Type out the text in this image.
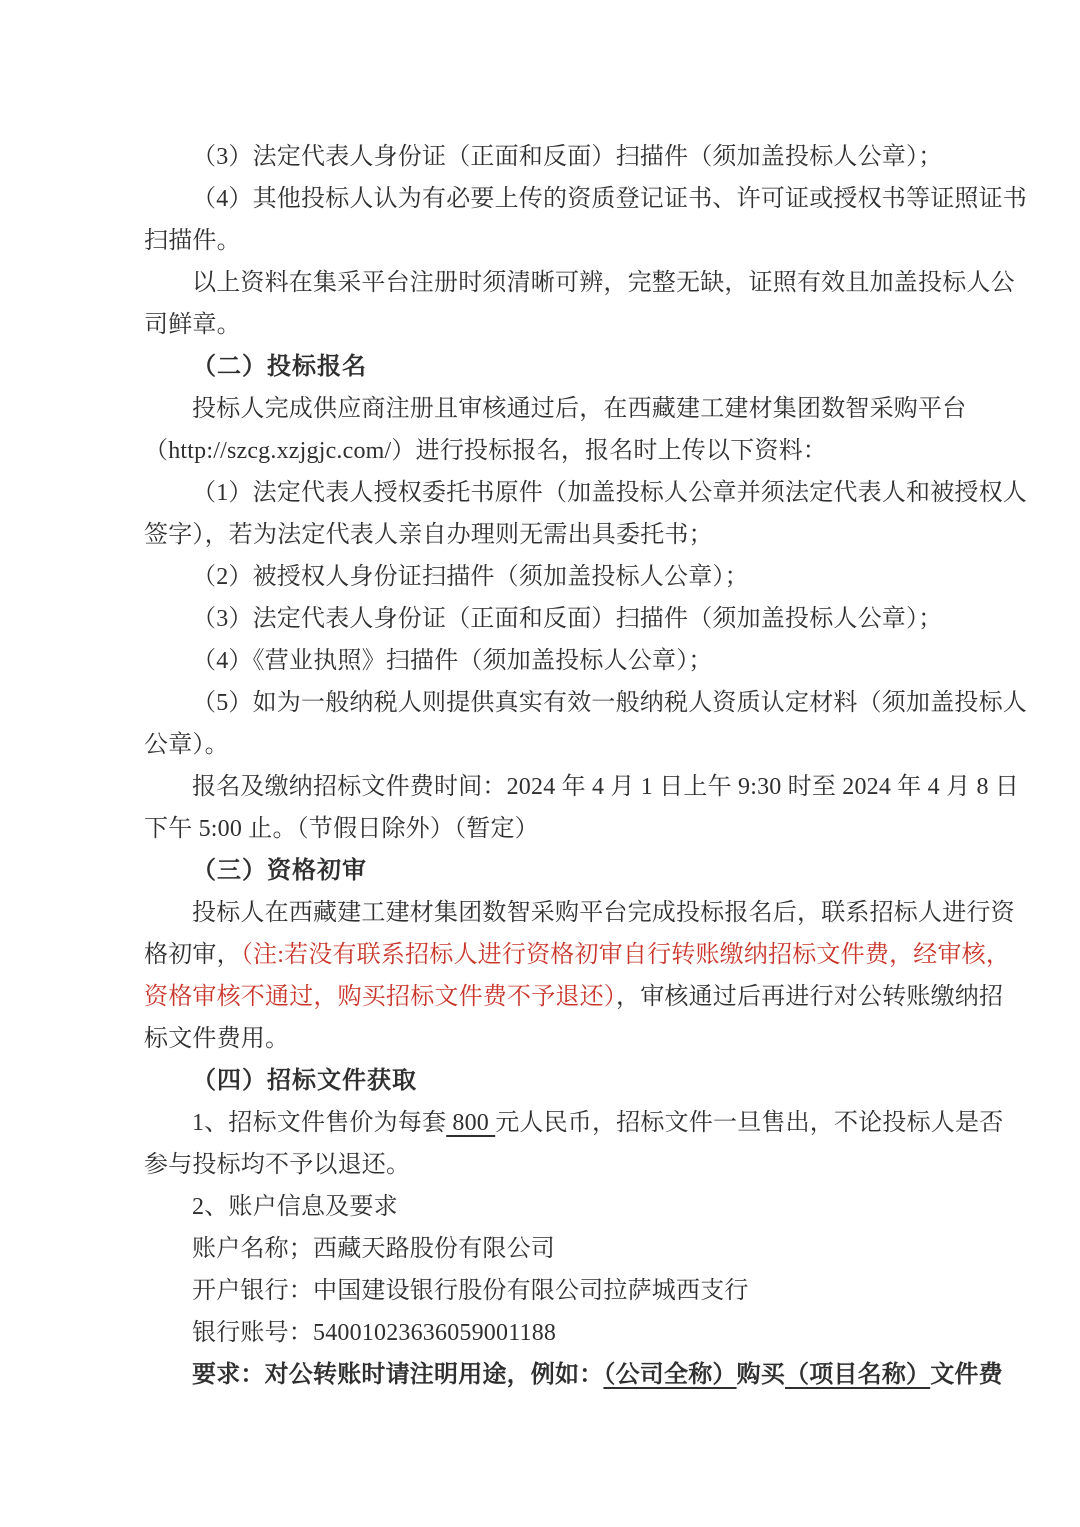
（3）法定代表人身份证（正面和反面）扫描件（须加盖投标人公章）；
（4）其他投标人认为有必要上传的资质登记证书、许可证或授权书等证照证书
扫描件。
以上资料在集采平台注册时须清晰可辨，完整无缺，证照有效且加盖投标人公
司鲜章。
（二）投标报名
投标人完成供应商注册且审核通过后，在西藏建工建材集团数智采购平台
（http://szcg.xzjgjc.com/）进行投标报名，报名时上传以下资料：
（1）法定代表人授权委托书原件（加盖投标人公章并须法定代表人和被授权人
签字），若为法定代表人亲自办理则无需出具委托书；
（2）被授权人身份证扫描件（须加盖投标人公章）；
（3）法定代表人身份证（正面和反面）扫描件（须加盖投标人公章）；
（4）《营业执照》扫描件（须加盖投标人公章）；
（5）如为一般纳税人则提供真实有效一般纳税人资质认定材料（须加盖投标人
公章）。
报名及缴纳招标文件费时间：2024 年 4 月 1 日上午 9:30 时至 2024 年 4 月 8 日
下午 5:00 止。（节假日除外）（暂定）
（三）资格初审
投标人在西藏建工建材集团数智采购平台完成投标报名后，联系招标人进行资
格初审，（注:若没有联系招标人进行资格初审自行转账缴纳招标文件费，经审核，
资格审核不通过，购买招标文件费不予退还），审核通过后再进行对公转账缴纳招
标文件费用。
（四）招标文件获取
1、招标文件售价为每套 800 元人民币，招标文件一旦售出，不论投标人是否
参与投标均不予以退还。
2、账户信息及要求
账户名称；西藏天路股份有限公司
开户银行：中国建设银行股份有限公司拉萨城西支行
银行账号：54001023636059001188
要求：对公转账时请注明用途，例如：（公司全称）购买（项目名称）文件费
